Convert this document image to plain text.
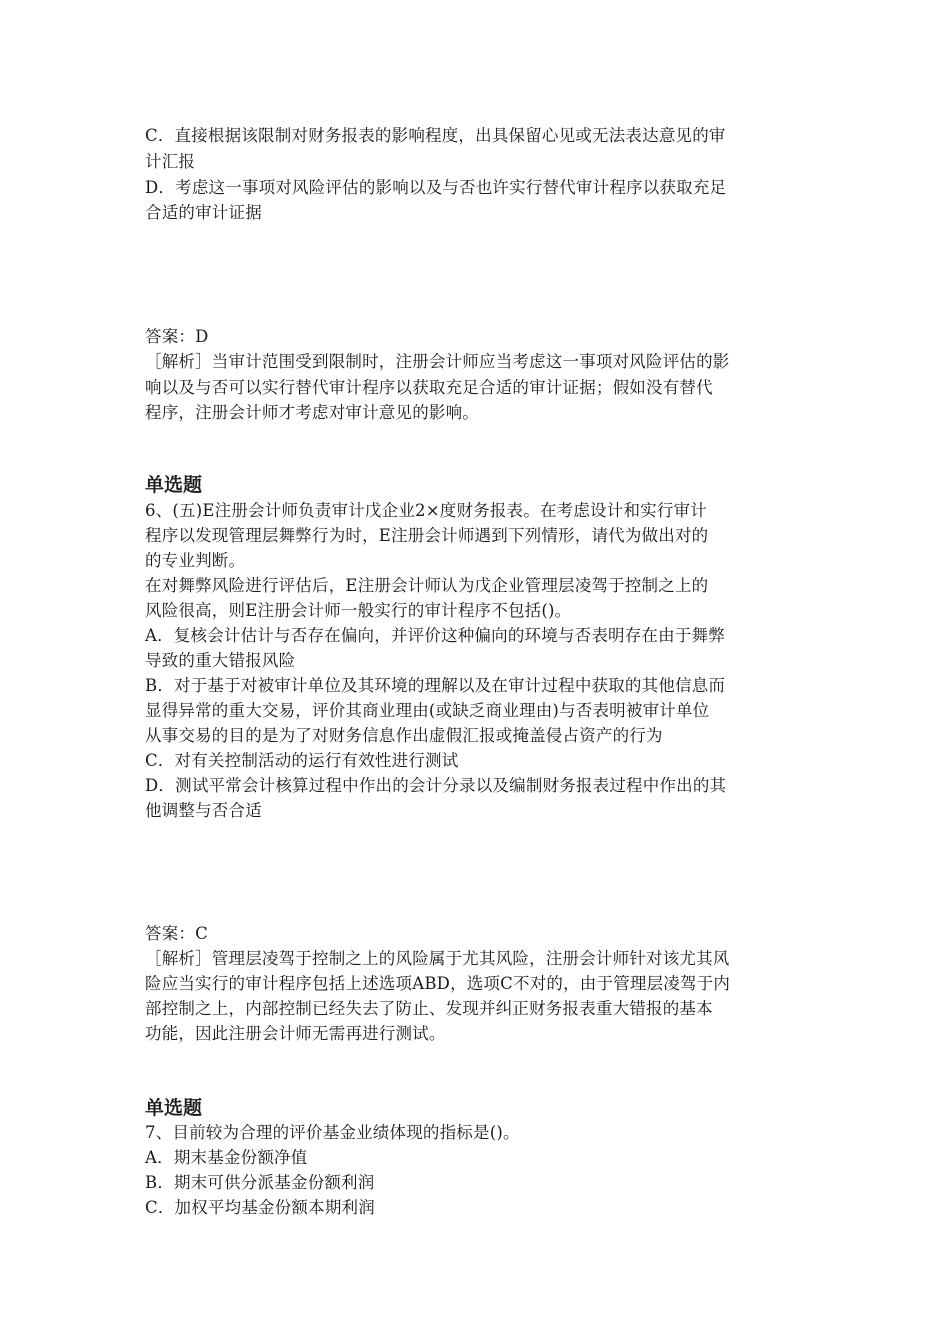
C．直接根据该限制对财务报表的影响程度，出具保留心见或无法表达意见的审
计汇报
D．考虑这一事项对风险评估的影响以及与否也许实行替代审计程序以获取充足
合适的审计证据
答案：D
［解析］当审计范围受到限制时，注册会计师应当考虑这一事项对风险评估的影
响以及与否可以实行替代审计程序以获取充足合适的审计证据；假如没有替代
程序，注册会计师才考虑对审计意见的影响。
单选题
6、(五)E注册会计师负责审计戊企业2×度财务报表。在考虑设计和实行审计
程序以发现管理层舞弊行为时，E注册会计师遇到下列情形，请代为做出对的
的专业判断。
在对舞弊风险进行评估后，E注册会计师认为戊企业管理层凌驾于控制之上的
风险很高，则E注册会计师一般实行的审计程序不包括()。
A．复核会计估计与否存在偏向，并评价这种偏向的环境与否表明存在由于舞弊
导致的重大错报风险
B．对于基于对被审计单位及其环境的理解以及在审计过程中获取的其他信息而
显得异常的重大交易，评价其商业理由(或缺乏商业理由)与否表明被审计单位
从事交易的目的是为了对财务信息作出虚假汇报或掩盖侵占资产的行为
C．对有关控制活动的运行有效性进行测试
D．测试平常会计核算过程中作出的会计分录以及编制财务报表过程中作出的其
他调整与否合适
答案：C
［解析］管理层凌驾于控制之上的风险属于尤其风险，注册会计师针对该尤其风
险应当实行的审计程序包括上述选项ABD，选项C不对的，由于管理层凌驾于内
部控制之上，内部控制已经失去了防止、发现并纠正财务报表重大错报的基本
功能，因此注册会计师无需再进行测试。
单选题
7、目前较为合理的评价基金业绩体现的指标是()。
A．期末基金份额净值
B．期末可供分派基金份额利润
C．加权平均基金份额本期利润
